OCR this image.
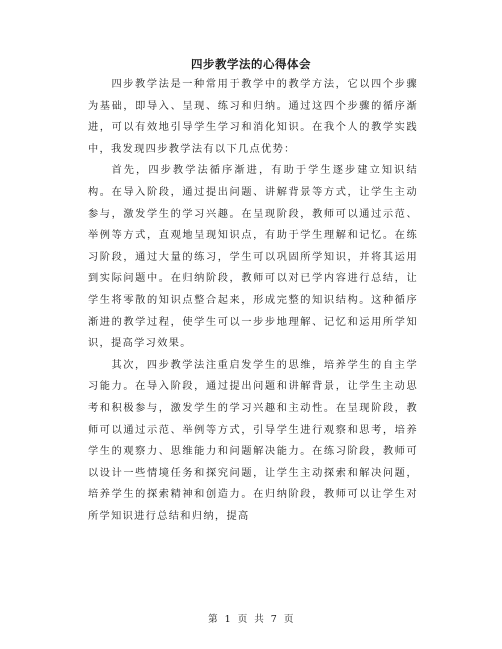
四步教学法的心得体会

四步教学法是一种常用于教学中的教学方法，它以四个步骤为基础，即导入、呈现、练习和归纳。通过这四个步骤的循序渐进，可以有效地引导学生学习和消化知识。在我个人的教学实践中，我发现四步教学法有以下几点优势：

首先，四步教学法循序渐进，有助于学生逐步建立知识结构。在导入阶段，通过提出问题、讲解背景等方式，让学生主动参与，激发学生的学习兴趣。在呈现阶段，教师可以通过示范、举例等方式，直观地呈现知识点，有助于学生理解和记忆。在练习阶段，通过大量的练习，学生可以巩固所学知识，并将其运用到实际问题中。在归纳阶段，教师可以对已学内容进行总结，让学生将零散的知识点整合起来，形成完整的知识结构。这种循序渐进的教学过程，使学生可以一步步地理解、记忆和运用所学知识，提高学习效果。

其次，四步教学法注重启发学生的思维，培养学生的自主学习能力。在导入阶段，通过提出问题和讲解背景，让学生主动思考和积极参与，激发学生的学习兴趣和主动性。在呈现阶段，教师可以通过示范、举例等方式，引导学生进行观察和思考，培养学生的观察力、思维能力和问题解决能力。在练习阶段，教师可以设计一些情境任务和探究问题，让学生主动探索和解决问题，培养学生的探索精神和创造力。在归纳阶段，教师可以让学生对所学知识进行总结和归纳，提高

第 1 页 共 7 页
